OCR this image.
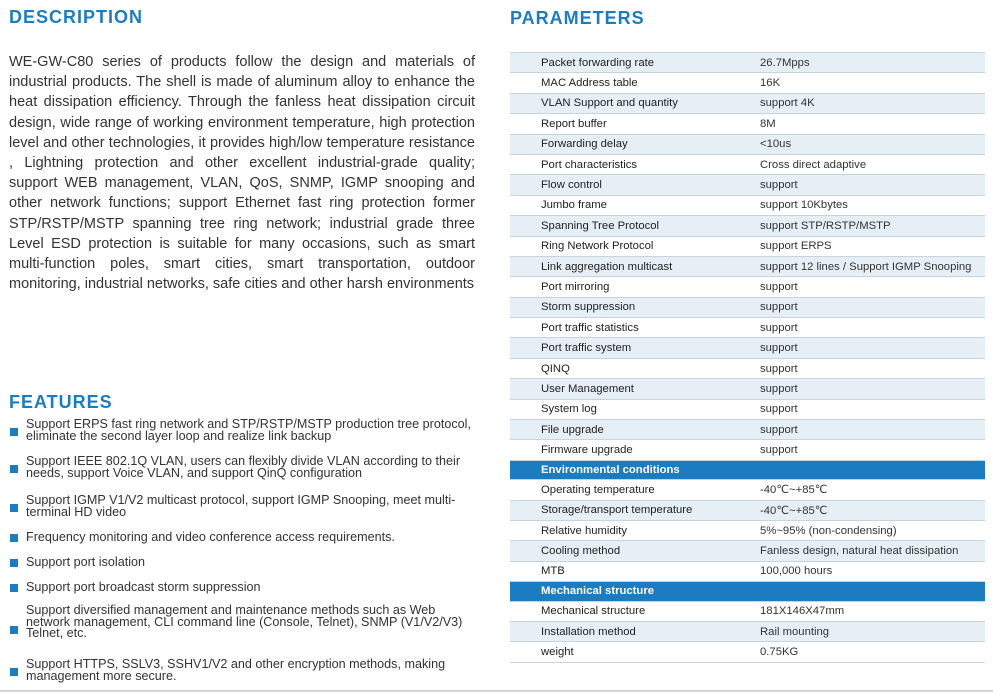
DESCRIPTION

WE-GW-C80 series of products follow the design and materials of industrial products. The shell is made of aluminum alloy to enhance the heat dissipation efficiency. Through the fanless heat dissipation circuit design, wide range of working environment temperature, high protection level and other technologies, it provides high/low temperature resistance , Lightning protection and other excellent industrial-grade quality; support WEB management, VLAN, QoS, SNMP, IGMP snooping and other network functions; support Ethernet fast ring protection former STP/RSTP/MSTP spanning tree ring network; industrial grade three Level ESD protection is suitable for many occasions, such as smart multi-function poles, smart cities, smart transportation, outdoor monitoring, industrial networks, safe cities and other harsh environments

FEATURES
Support ERPS fast ring network and STP/RSTP/MSTP production tree protocol, eliminate the second layer loop and realize link backup
Support IEEE 802.1Q VLAN, users can flexibly divide VLAN according to their needs, support Voice VLAN, and support QinQ configuration
Support IGMP V1/V2 multicast protocol, support IGMP Snooping, meet multi-terminal HD video
Frequency monitoring and video conference access requirements.
Support port isolation
Support port broadcast storm suppression
Support diversified management and maintenance methods such as Web network management, CLI command line (Console, Telnet), SNMP (V1/V2/V3) Telnet, etc.
Support HTTPS, SSLV3, SSHV1/V2 and other encryption methods, making management more secure.
PARAMETERS
Packet forwarding rate	26.7Mpps
MAC Address table	16K
VLAN Support and quantity	support 4K
Report buffer	8M
Forwarding delay	<10us
Port characteristics	Cross direct adaptive
Flow control	support
Jumbo frame	support 10Kbytes
Spanning Tree Protocol	support STP/RSTP/MSTP
Ring Network Protocol	support ERPS
Link aggregation multicast	support 12 lines / Support IGMP Snooping
Port mirroring	support
Storm suppression	support
Port traffic statistics	support
Port traffic system	support
QINQ	support
User Management	support
System log	support
File upgrade	support
Firmware upgrade	support
Environmental conditions	
Operating temperature	-40℃~+85℃
Storage/transport temperature	-40℃~+85℃
Relative humidity	5%~95% (non-condensing)
Cooling method	Fanless design, natural heat dissipation
MTB	100,000 hours
Mechanical structure	
Mechanical structure	181X146X47mm
Installation method	Rail mounting
weight	0.75KG
